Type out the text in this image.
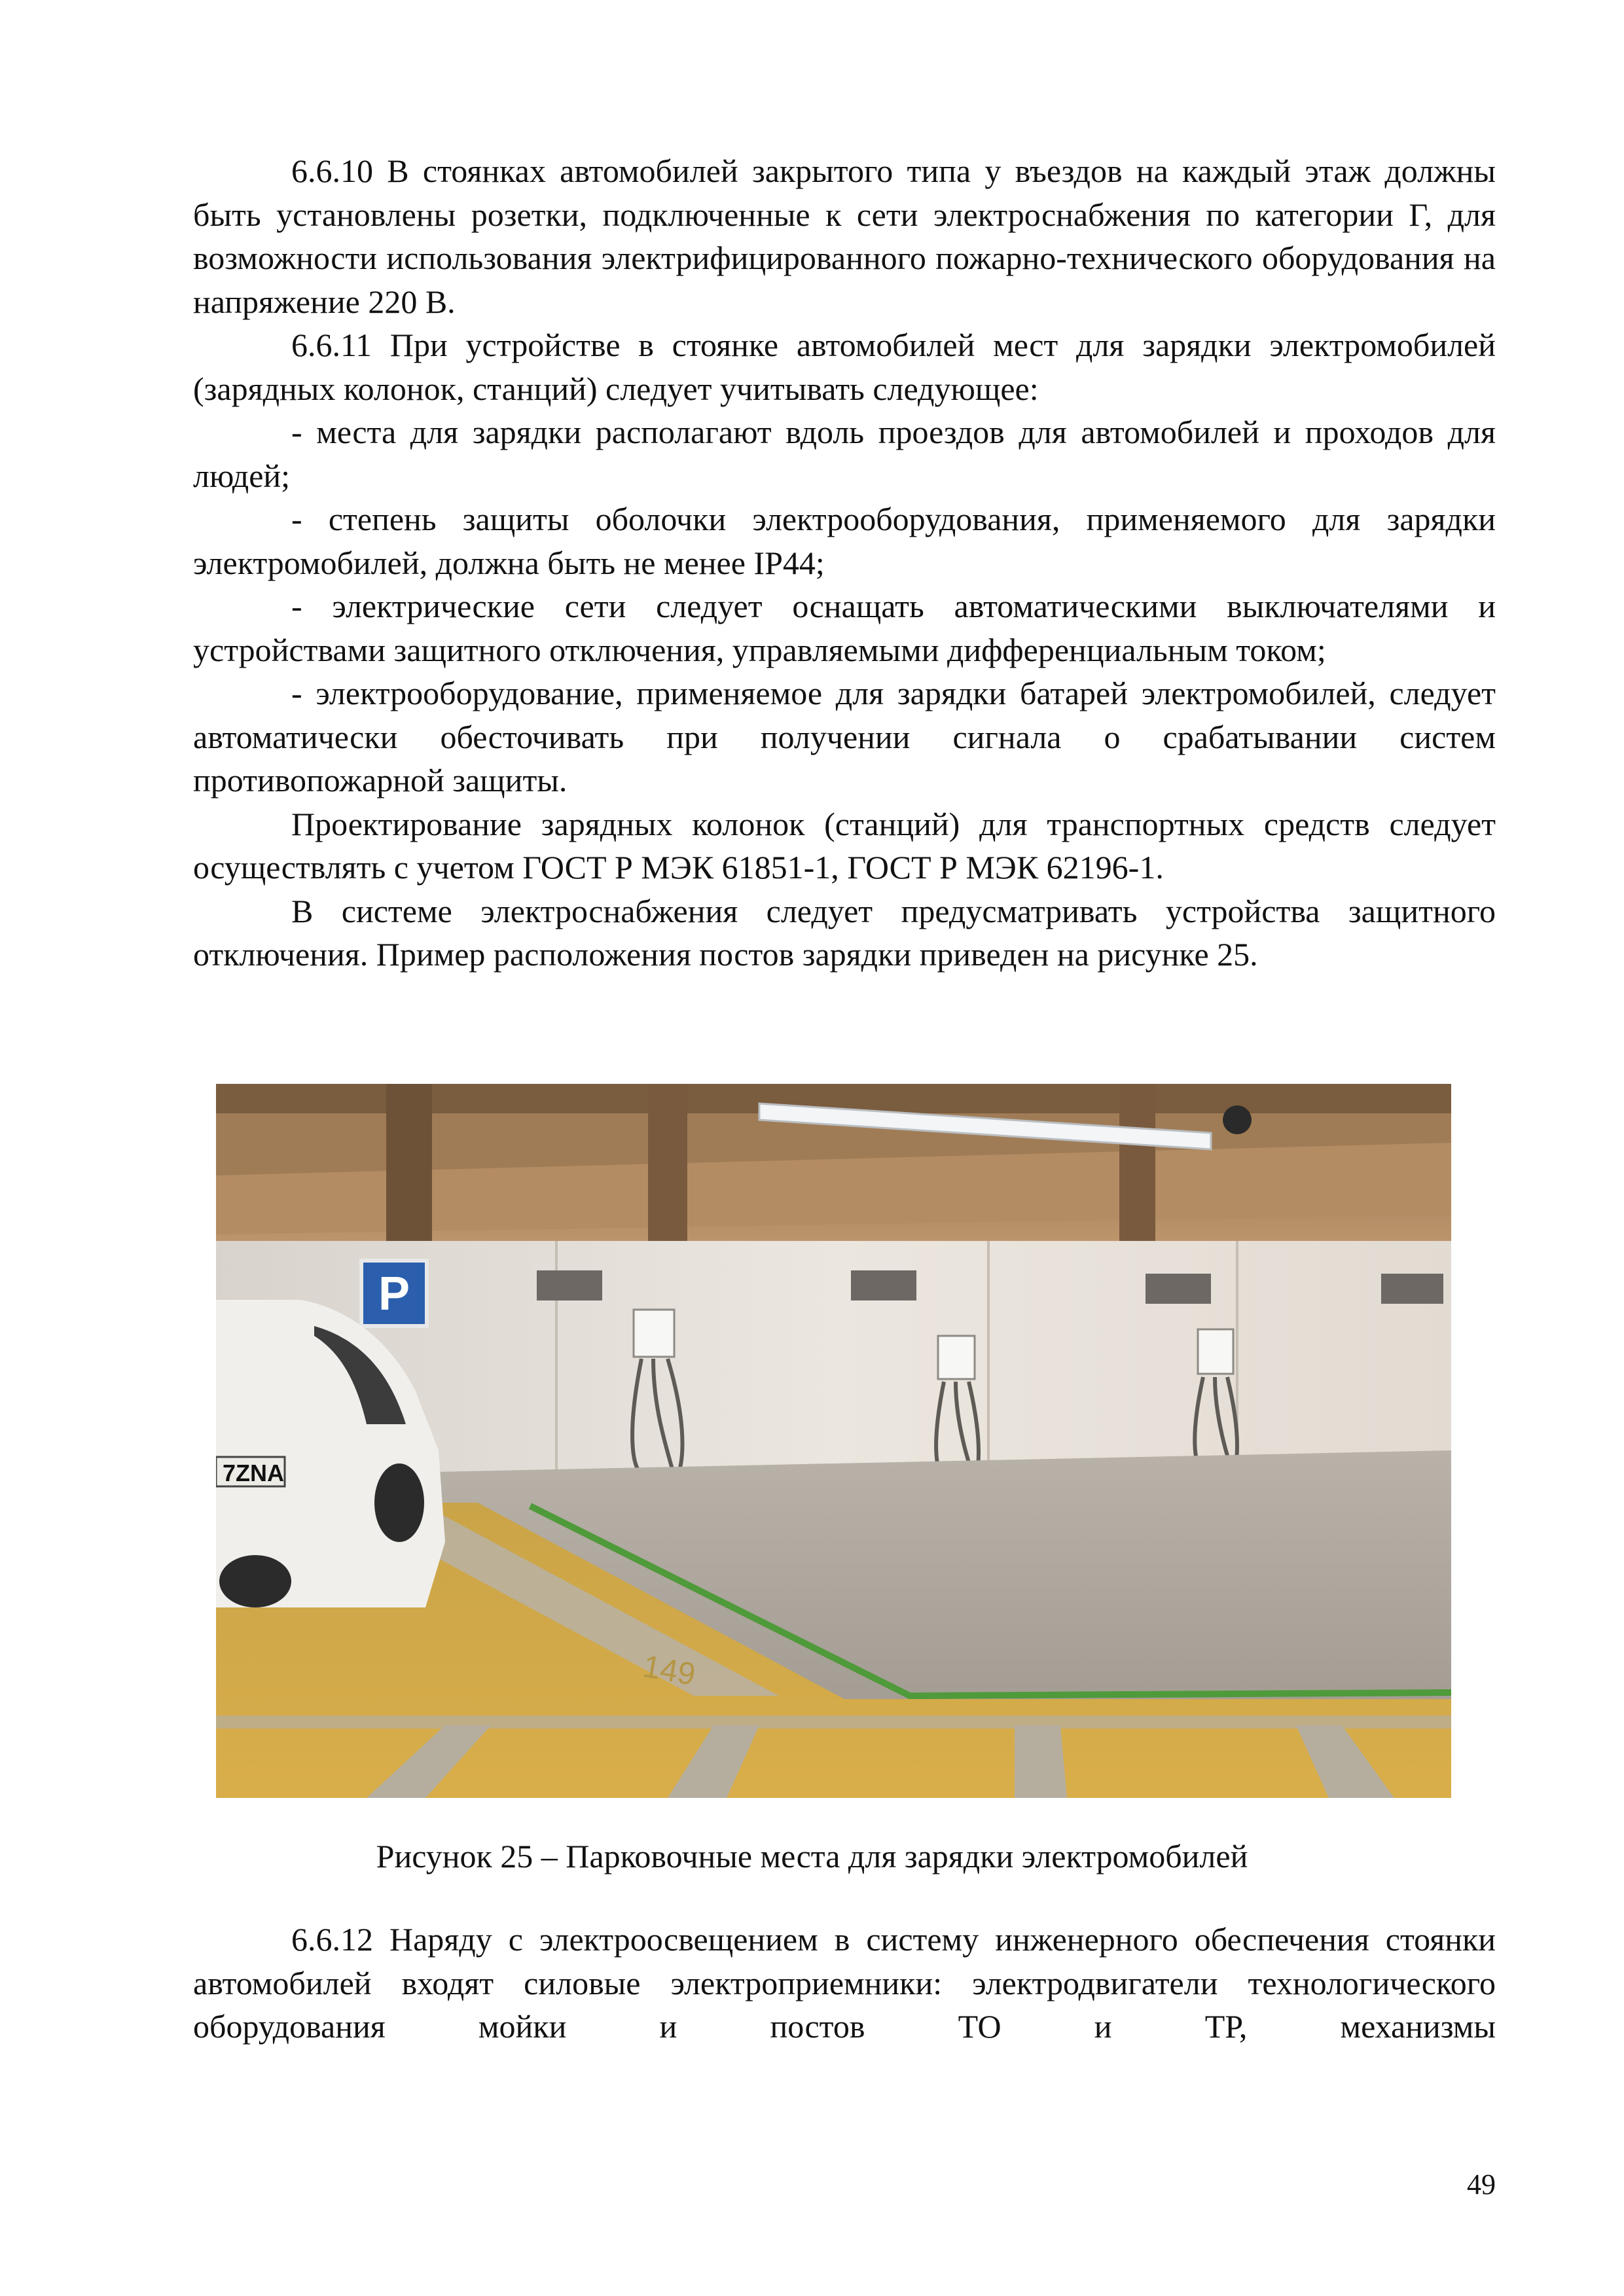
6.6.10 В стоянках автомобилей закрытого типа у въездов на каждый этаж должны быть установлены розетки, подключенные к сети электроснабжения по категории Г, для возможности использования электрифицированного пожарно-технического оборудования на напряжение 220 В.

6.6.11 При устройстве в стоянке автомобилей мест для зарядки электромобилей (зарядных колонок, станций) следует учитывать следующее:

- места для зарядки располагают вдоль проездов для автомобилей и проходов для людей;

- степень защиты оболочки электрооборудования, применяемого для зарядки электромобилей, должна быть не менее IP44;

- электрические сети следует оснащать автоматическими выключателями и устройствами защитного отключения, управляемыми дифференциальным током;

- электрооборудование, применяемое для зарядки батарей электромобилей, следует автоматически обесточивать при получении сигнала о срабатывании систем противопожарной защиты.

Проектирование зарядных колонок (станций) для транспортных средств следует осуществлять с учетом ГОСТ Р МЭК 61851-1, ГОСТ Р МЭК 62196-1.

В системе электроснабжения следует предусматривать устройства защитного отключения. Пример расположения постов зарядки приведен на рисунке 25.

P
149
7ZNA

Рисунок 25 – Парковочные места для зарядки электромобилей

6.6.12 Наряду с электроосвещением в систему инженерного обеспечения стоянки автомобилей входят силовые электроприемники: электродвигатели технологического оборудования мойки и постов ТО и ТР, механизмы

49
